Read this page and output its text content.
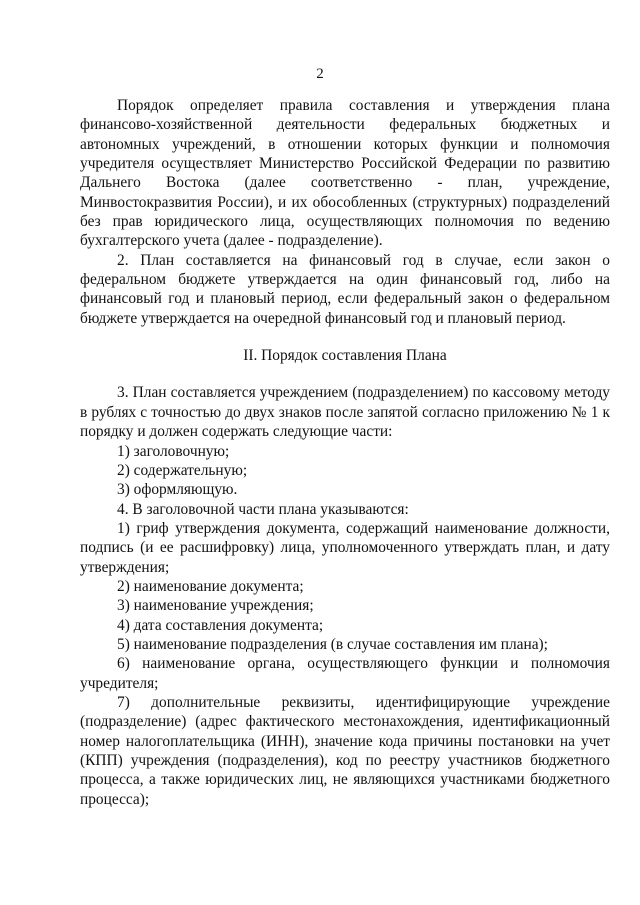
2

Порядок определяет правила составления и утверждения плана финансово-хозяйственной деятельности федеральных бюджетных и автономных учреждений, в отношении которых функции и полномочия учредителя осуществляет Министерство Российской Федерации по развитию Дальнего Востока (далее соответственно - план, учреждение, Минвостокразвития России), и их обособленных (структурных) подразделений без прав юридического лица, осуществляющих полномочия по ведению бухгалтерского учета (далее - подразделение).

2. План составляется на финансовый год в случае, если закон о федеральном бюджете утверждается на один финансовый год, либо на финансовый год и плановый период, если федеральный закон о федеральном бюджете утверждается на очередной финансовый год и плановый период.

II. Порядок составления Плана

3. План составляется учреждением (подразделением) по кассовому методу в рублях с точностью до двух знаков после запятой согласно приложению № 1 к порядку и должен содержать следующие части:

1) заголовочную;

2) содержательную;

3) оформляющую.

4. В заголовочной части плана указываются:

1) гриф утверждения документа, содержащий наименование должности, подпись (и ее расшифровку) лица, уполномоченного утверждать план, и дату утверждения;

2) наименование документа;

3) наименование учреждения;

4) дата составления документа;

5) наименование подразделения (в случае составления им плана);

6) наименование органа, осуществляющего функции и полномочия учредителя;

7) дополнительные реквизиты, идентифицирующие учреждение (подразделение) (адрес фактического местонахождения, идентификационный номер налогоплательщика (ИНН), значение кода причины постановки на учет (КПП) учреждения (подразделения), код по реестру участников бюджетного процесса, а также юридических лиц, не являющихся участниками бюджетного процесса);
